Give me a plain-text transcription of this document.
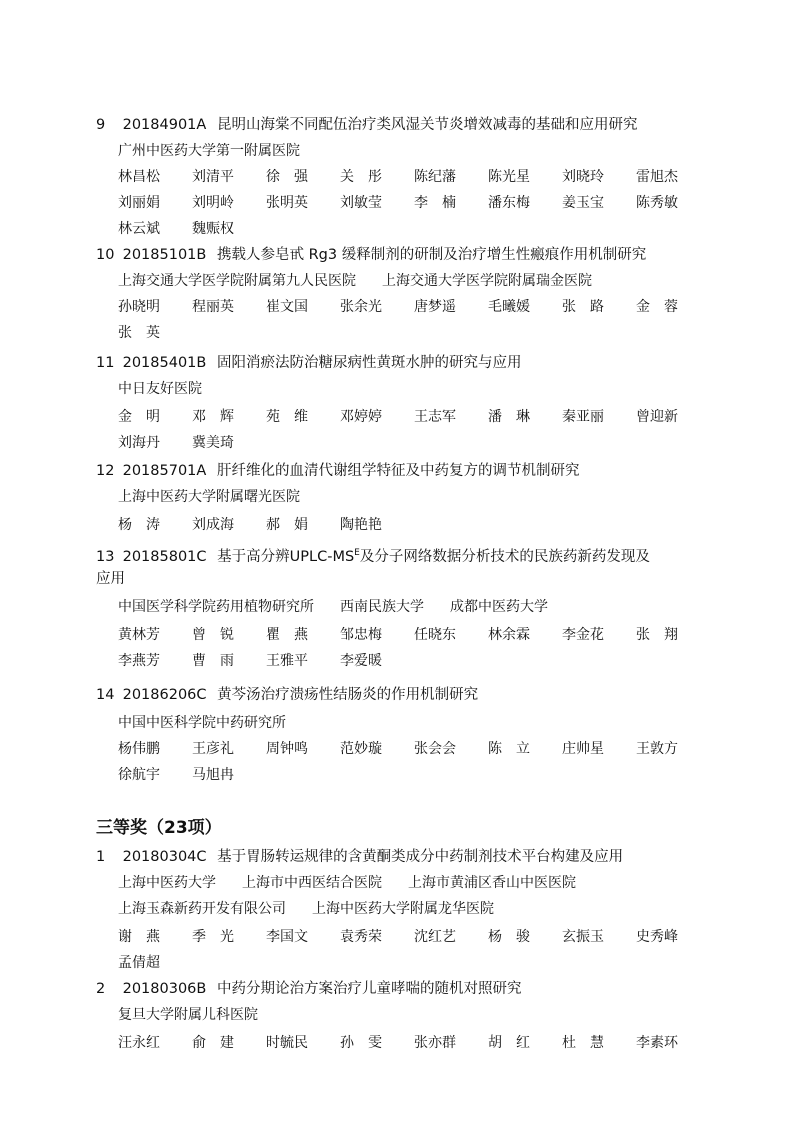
9 20184901A 昆明山海棠不同配伍治疗类风湿关节炎增效减毒的基础和应用研究
广州中医药大学第一附属医院
林昌松 刘清平 徐　强 关　彤 陈纪藩 陈光星 刘晓玲 雷旭杰
刘丽娟 刘明岭 张明英 刘敏莹 李　楠 潘东梅 姜玉宝 陈秀敏
林云斌 魏赈权
10 20185101B 携载人参皂甙 Rg3 缓释制剂的研制及治疗增生性瘢痕作用机制研究
上海交通大学医学院附属第九人民医院 上海交通大学医学院附属瑞金医院
孙晓明 程丽英 崔文国 张余光 唐梦遥 毛曦媛 张　路 金　蓉
张　英
11 20185401B 固阳消瘀法防治糖尿病性黄斑水肿的研究与应用
中日友好医院
金　明 邓　辉 苑　维 邓婷婷 王志军 潘　琳 秦亚丽 曾迎新
刘海丹 冀美琦
12 20185701A 肝纤维化的血清代谢组学特征及中药复方的调节机制研究
上海中医药大学附属曙光医院
杨　涛 刘成海 郝　娟 陶艳艳
13 20185801C 基于高分辨UPLC-$MS^E$及分子网络数据分析技术的民族药新药发现及
应用
中国医学科学院药用植物研究所 西南民族大学 成都中医药大学
黄林芳 曾　锐 瞿　燕 邹忠梅 任晓东 林余霖 李金花 张　翔
李燕芳 曹　雨 王雅平 李爱暖
14 20186206C 黄芩汤治疗溃疡性结肠炎的作用机制研究
中国中医科学院中药研究所
杨伟鹏 王彦礼 周钟鸣 范妙璇 张会会 陈　立 庄帅星 王敦方
徐航宇 马旭冉
三等奖（23项）
1 20180304C 基于胃肠转运规律的含黄酮类成分中药制剂技术平台构建及应用
上海中医药大学 上海市中西医结合医院 上海市黄浦区香山中医医院
上海玉森新药开发有限公司 上海中医药大学附属龙华医院
谢　燕 季　光 李国文 袁秀荣 沈红艺 杨　骏 玄振玉 史秀峰
孟倩超
2 20180306B 中药分期论治方案治疗儿童哮喘的随机对照研究
复旦大学附属儿科医院
汪永红 俞　建 时毓民 孙　雯 张亦群 胡　红 杜　慧 李素环
